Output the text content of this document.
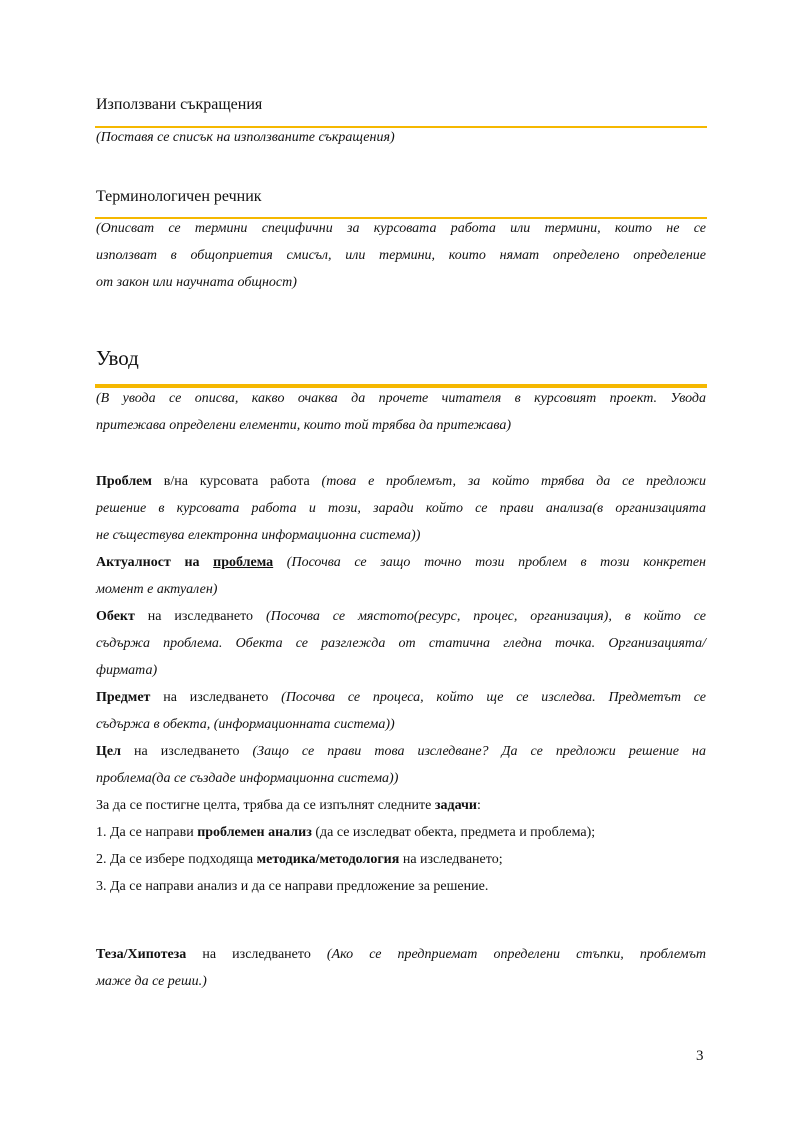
Използвани съкращения
(Поставя се списък на използваните съкращения)
Терминологичен речник
(Описват се термини специфични за курсовата работа или термини, които не се
използват в общоприетия смисъл, или термини, които нямат определено определение
от закон или научната общност)
Увод
(В увода се описва, какво очаква да прочете читателя в курсовият проект. Увода
притежава определени елементи, които той трябва да притежава)
Проблем в/на курсовата работа (това е проблемът, за който трябва да се предложи
решение в курсовата работа и този, заради който се прави анализа(в организацията
не съществува електронна информационна система))
Актуалност на проблема (Посочва се защо точно този проблем в този конкретен
момент е актуален)
Обект на изследването (Посочва се мястото(ресурс, процес, организация), в който се
съдържа проблема. Обекта се разглежда от статична гледна точка. Организацията/
фирмата)
Предмет на изследването (Посочва се процеса, който ще се изследва. Предметът се
съдържа в обекта, (информационната система))
Цел на изследването (Защо се прави това изследване? Да се предложи решение на
проблема(да се създаде информационна система))
За да се постигне целта, трябва да се изпълнят следните задачи:
1. Да се направи проблемен анализ (да се изследват обекта, предмета и проблема);
2. Да се избере подходяща методика/методология на изследването;
3. Да се направи анализ и да се направи предложение за решение.
Теза/Хипотеза на изследването (Ако се предприемат определени стъпки, проблемът
маже да се реши.)
3
